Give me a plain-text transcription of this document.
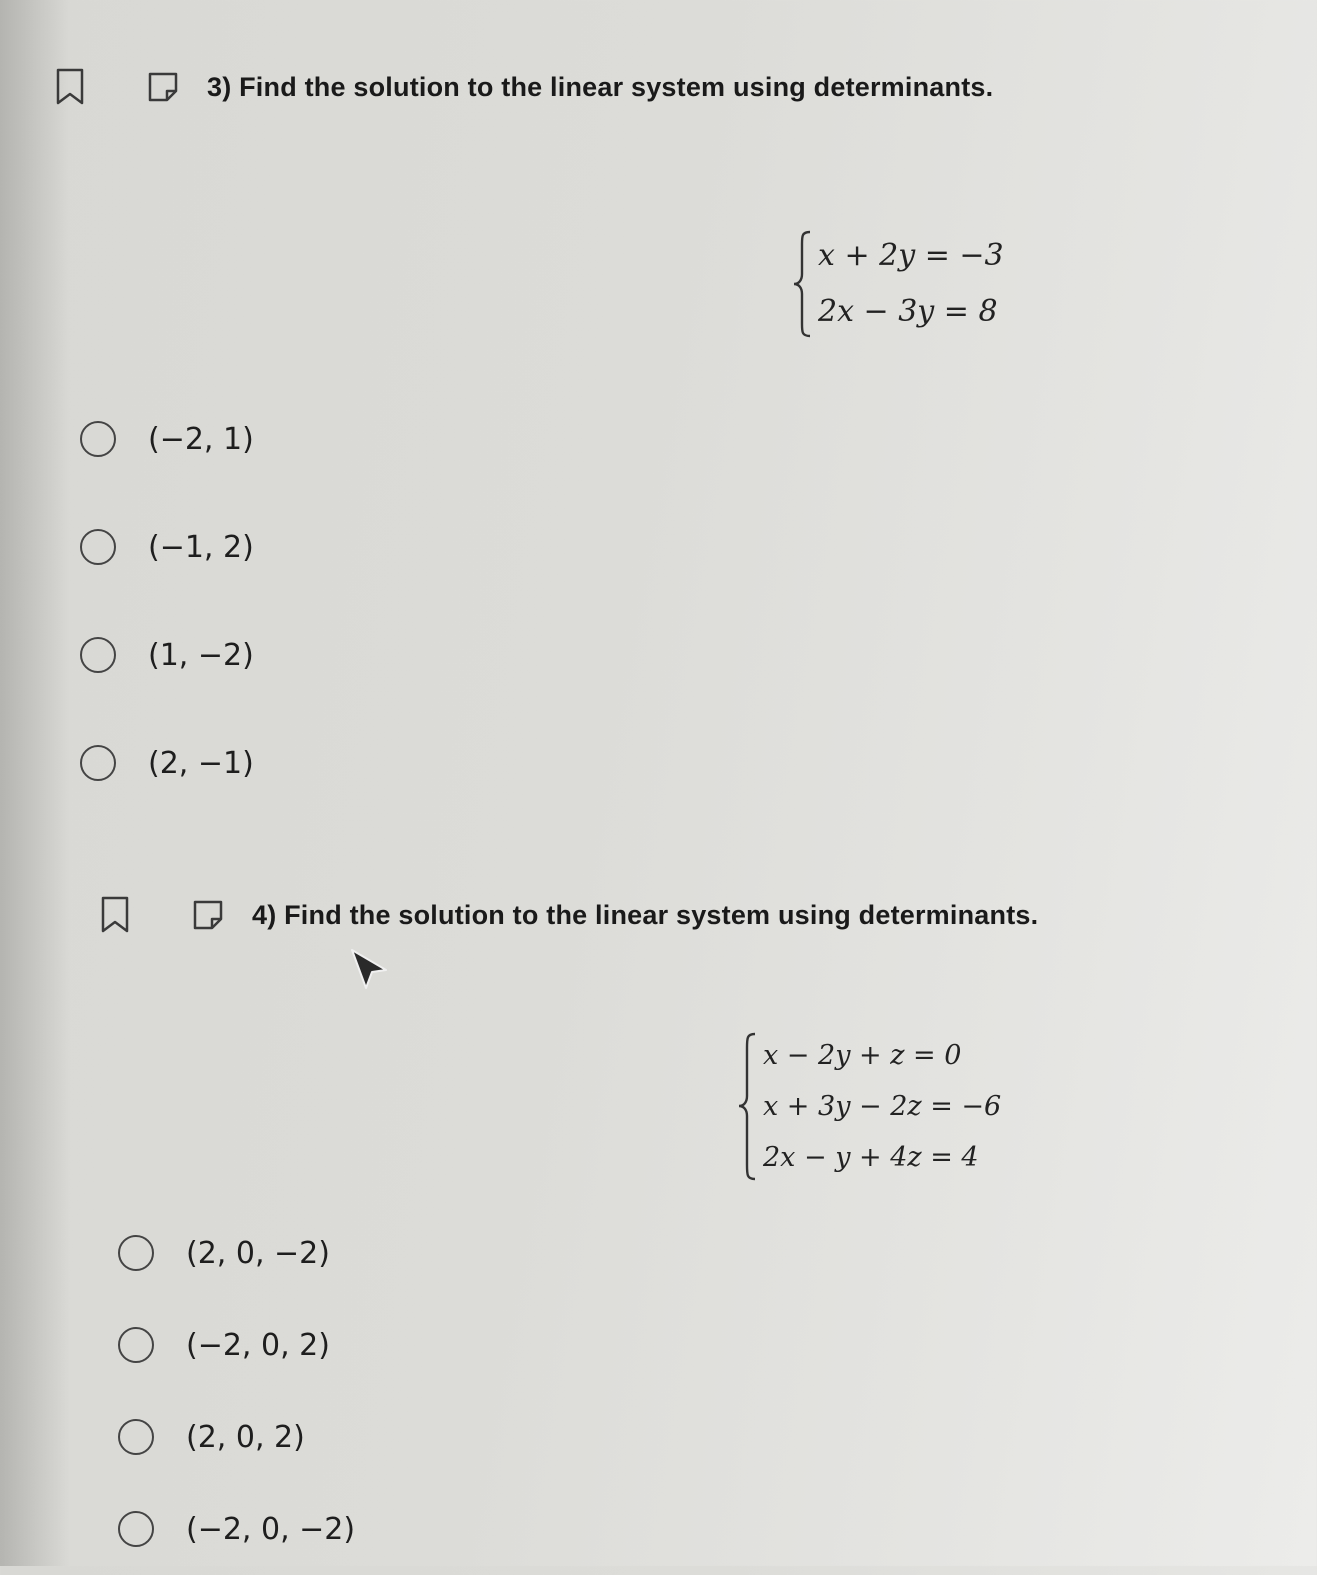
3) Find the solution to the linear system using determinants.
x + 2y = −3
2x − 3y = 8
(−2, 1)
(−1, 2)
(1, −2)
(2, −1)
4) Find the solution to the linear system using determinants.
x − 2y + z = 0
x + 3y − 2z = −6
2x − y + 4z = 4
(2, 0, −2)
(−2, 0, 2)
(2, 0, 2)
(−2, 0, −2)
